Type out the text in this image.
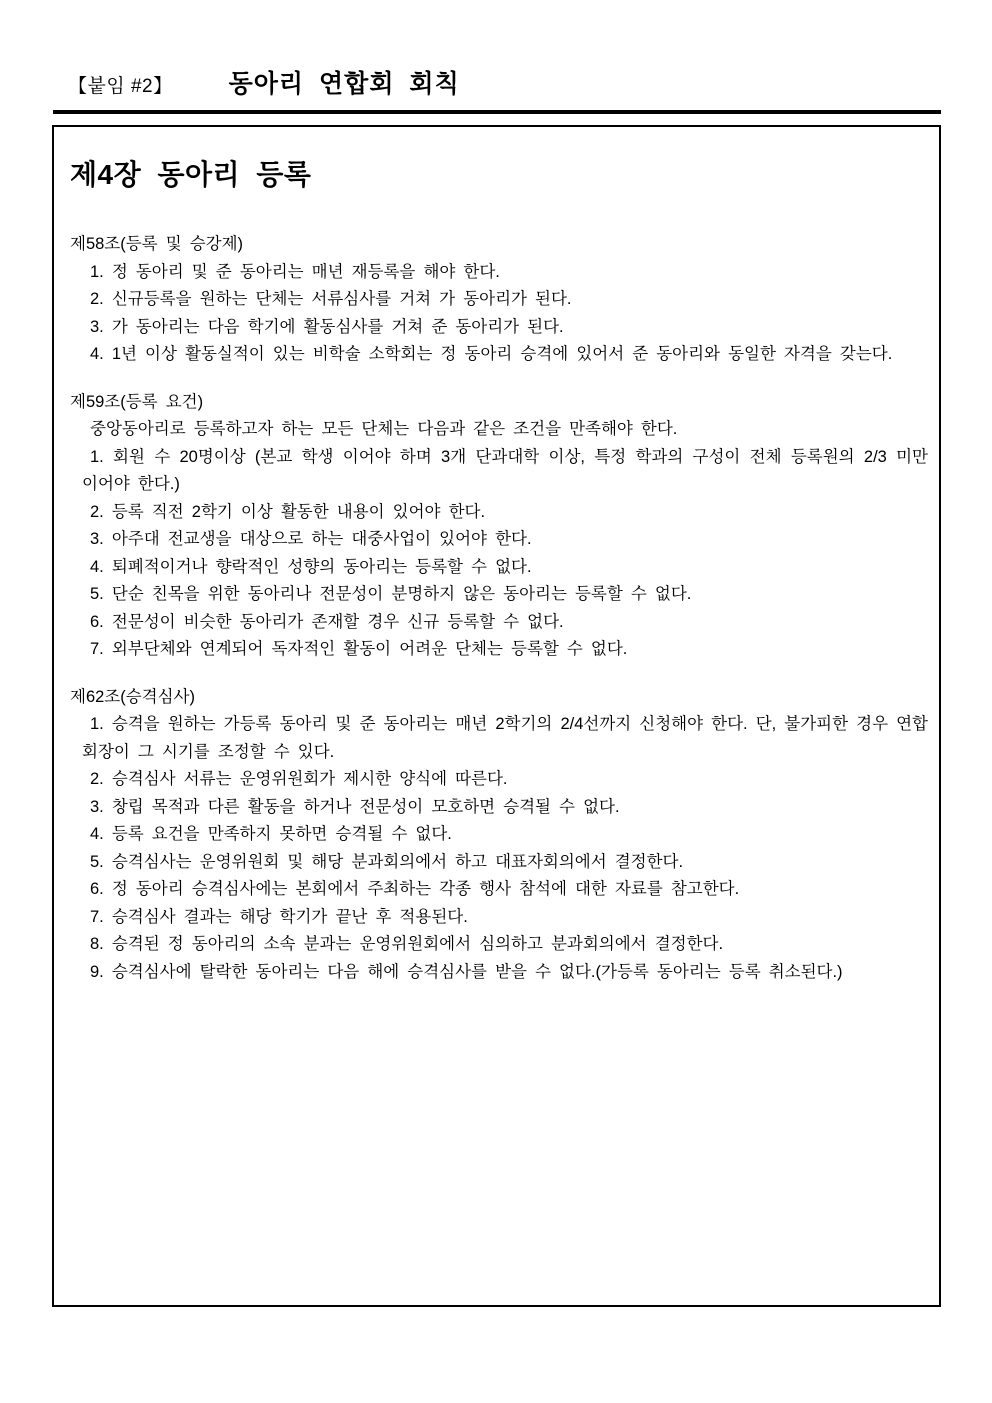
【붙임 #2】 동아리 연합회 회칙
제4장 동아리 등록
제58조(등록 및 승강제)

1. 정 동아리 및 준 동아리는 매년 재등록을 해야 한다.

2. 신규등록을 원하는 단체는 서류심사를 거쳐 가 동아리가 된다.

3. 가 동아리는 다음 학기에 활동심사를 거쳐 준 동아리가 된다.

4. 1년 이상 활동실적이 있는 비학술 소학회는 정 동아리 승격에 있어서 준 동아리와 동일한 자격을 갖는다.

제59조(등록 요건)

중앙동아리로 등록하고자 하는 모든 단체는 다음과 같은 조건을 만족해야 한다.

1. 회원 수 20명이상 (본교 학생 이어야 하며 3개 단과대학 이상, 특정 학과의 구성이 전체 등록원의 2/3 미만 이어야 한다.)

2. 등록 직전 2학기 이상 활동한 내용이 있어야 한다.

3. 아주대 전교생을 대상으로 하는 대중사업이 있어야 한다.

4. 퇴폐적이거나 향락적인 성향의 동아리는 등록할 수 없다.

5. 단순 친목을 위한 동아리나 전문성이 분명하지 않은 동아리는 등록할 수 없다.

6. 전문성이 비슷한 동아리가 존재할 경우 신규 등록할 수 없다.

7. 외부단체와 연계되어 독자적인 활동이 어려운 단체는 등록할 수 없다.

제62조(승격심사)

1. 승격을 원하는 가등록 동아리 및 준 동아리는 매년 2학기의 2/4선까지 신청해야 한다. 단, 불가피한 경우 연합회장이 그 시기를 조정할 수 있다.

2. 승격심사 서류는 운영위원회가 제시한 양식에 따른다.

3. 창립 목적과 다른 활동을 하거나 전문성이 모호하면 승격될 수 없다.

4. 등록 요건을 만족하지 못하면 승격될 수 없다.

5. 승격심사는 운영위원회 및 해당 분과회의에서 하고 대표자회의에서 결정한다.

6. 정 동아리 승격심사에는 본회에서 주최하는 각종 행사 참석에 대한 자료를 참고한다.

7. 승격심사 결과는 해당 학기가 끝난 후 적용된다.

8. 승격된 정 동아리의 소속 분과는 운영위원회에서 심의하고 분과회의에서 결정한다.

9. 승격심사에 탈락한 동아리는 다음 해에 승격심사를 받을 수 없다.(가등록 동아리는 등록 취소된다.)
